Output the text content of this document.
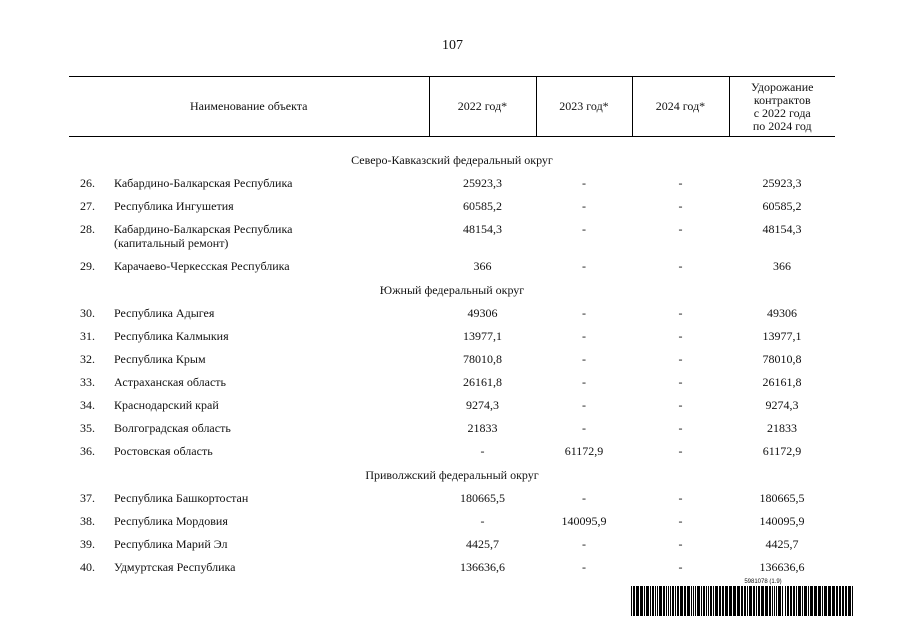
107
Наименование объекта		2022 год*	2023 год*	2024 год*	Удорожание
контрактов
с 2022 года
по 2024 год

Северо-Кавказский федеральный округ					
26.	Кабардино-Балкарская Республика	25923,3	-	-	25923,3
27.	Республика Ингушетия	60585,2	-	-	60585,2
28.	Кабардино-Балкарская Республика
(капитальный ремонт)	48154,3	-	-	48154,3
29.	Карачаево-Черкесская Республика	366	-	-	366
Южный федеральный округ					
30.	Республика Адыгея	49306	-	-	49306
31.	Республика Калмыкия	13977,1	-	-	13977,1
32.	Республика Крым	78010,8	-	-	78010,8
33.	Астраханская область	26161,8	-	-	26161,8
34.	Краснодарский край	9274,3	-	-	9274,3
35.	Волгоградская область	21833	-	-	21833
36.	Ростовская область	-	61172,9	-	61172,9
Приволжский федеральный округ					
37.	Республика Башкортостан	180665,5	-	-	180665,5
38.	Республика Мордовия	-	140095,9	-	140095,9
39.	Республика Марий Эл	4425,7	-	-	4425,7
40.	Удмуртская Республика	136636,6	-	-	136636,6
5981078 (1.9)
